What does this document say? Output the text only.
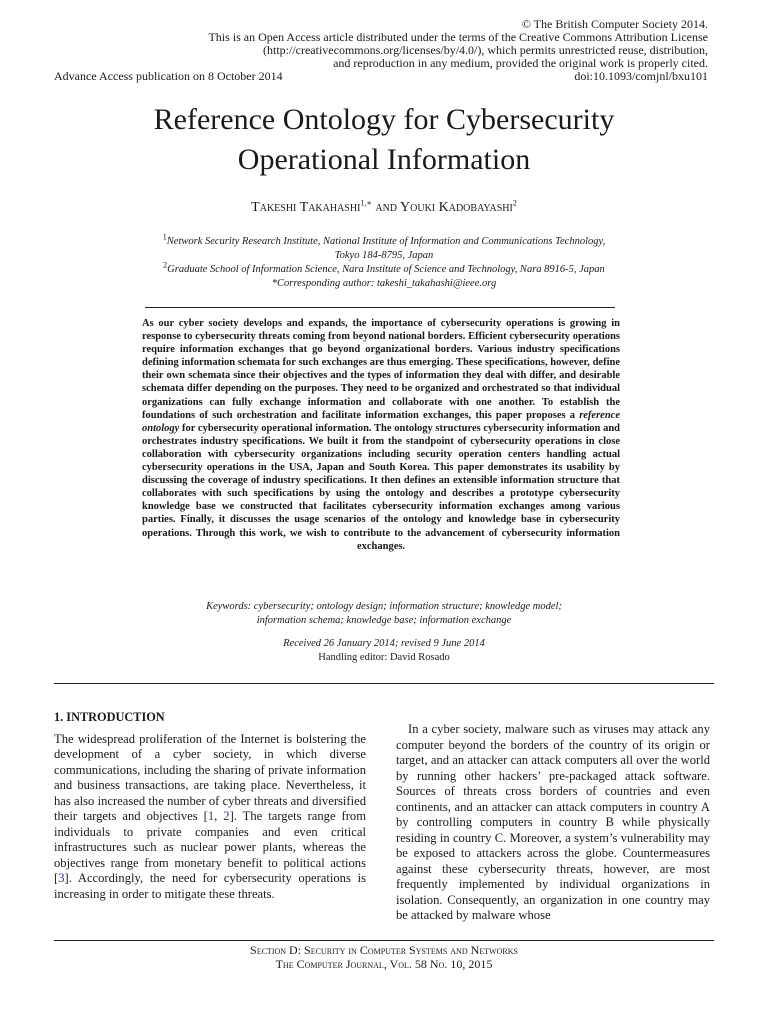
© The British Computer Society 2014.
This is an Open Access article distributed under the terms of the Creative Commons Attribution License
(http://creativecommons.org/licenses/by/4.0/), which permits unrestricted reuse, distribution,
and reproduction in any medium, provided the original work is properly cited.
doi:10.1093/comjnl/bxu101
Advance Access publication on 8 October 2014
Reference Ontology for Cybersecurity
Operational Information
Takeshi Takahashi$^{1,∗}$ and Youki Kadobayashi$^2$
$^1$Network Security Research Institute, National Institute of Information and Communications Technology,
Tokyo 184-8795, Japan
$^2$Graduate School of Information Science, Nara Institute of Science and Technology, Nara 8916-5, Japan
*Corresponding author: takeshi_takahashi@ieee.org
As our cyber society develops and expands, the importance of cybersecurity operations is growing in response to cybersecurity threats coming from beyond national borders. Efficient cybersecurity operations require information exchanges that go beyond organizational borders. Various industry specifications defining information schemata for such exchanges are thus emerging. These specifications, however, define their own schemata since their objectives and the types of information they deal with differ, and desirable schemata differ depending on the purposes. They need to be organized and orchestrated so that individual organizations can fully exchange information and collaborate with one another. To establish the foundations of such orchestration and facilitate information exchanges, this paper proposes a reference ontology for cybersecurity operational information. The ontology structures cybersecurity information and orchestrates industry specifications. We built it from the standpoint of cybersecurity operations in close collaboration with cybersecurity organizations including security operation centers handling actual cybersecurity operations in the USA, Japan and South Korea. This paper demonstrates its usability by discussing the coverage of industry specifications. It then defines an extensible information structure that collaborates with such specifications by using the ontology and describes a prototype cybersecurity knowledge base we constructed that facilitates cybersecurity information exchanges among various parties. Finally, it discusses the usage scenarios of the ontology and knowledge base in cybersecurity operations. Through this work, we wish to contribute to the advancement of cybersecurity information exchanges.
Keywords: cybersecurity; ontology design; information structure; knowledge model;
information schema; knowledge base; information exchange
Received 26 January 2014; revised 9 June 2014
Handling editor: David Rosado
1. INTRODUCTION
The widespread proliferation of the Internet is bolstering the development of a cyber society, in which diverse communications, including the sharing of private information and business transactions, are taking place. Nevertheless, it has also increased the number of cyber threats and diversified their targets and objectives [1, 2]. The targets range from individuals to private companies and even critical infrastructures such as nuclear power plants, whereas the objectives range from monetary benefit to political actions [3]. Accordingly, the need for cybersecurity operations is increasing in order to mitigate these threats.
In a cyber society, malware such as viruses may attack any computer beyond the borders of the country of its origin or target, and an attacker can attack computers all over the world by running other hackers’ pre-packaged attack software. Sources of threats cross borders of countries and even continents, and an attacker can attack computers in country A by controlling computers in country B while physically residing in country C. Moreover, a system’s vulnerability may be exposed to attackers across the globe. Countermeasures against these cybersecurity threats, however, are most frequently implemented by individual organizations in isolation. Consequently, an organization in one country may be attacked by malware whose
Section D: Security in Computer Systems and Networks
The Computer Journal, Vol. 58 No. 10, 2015
